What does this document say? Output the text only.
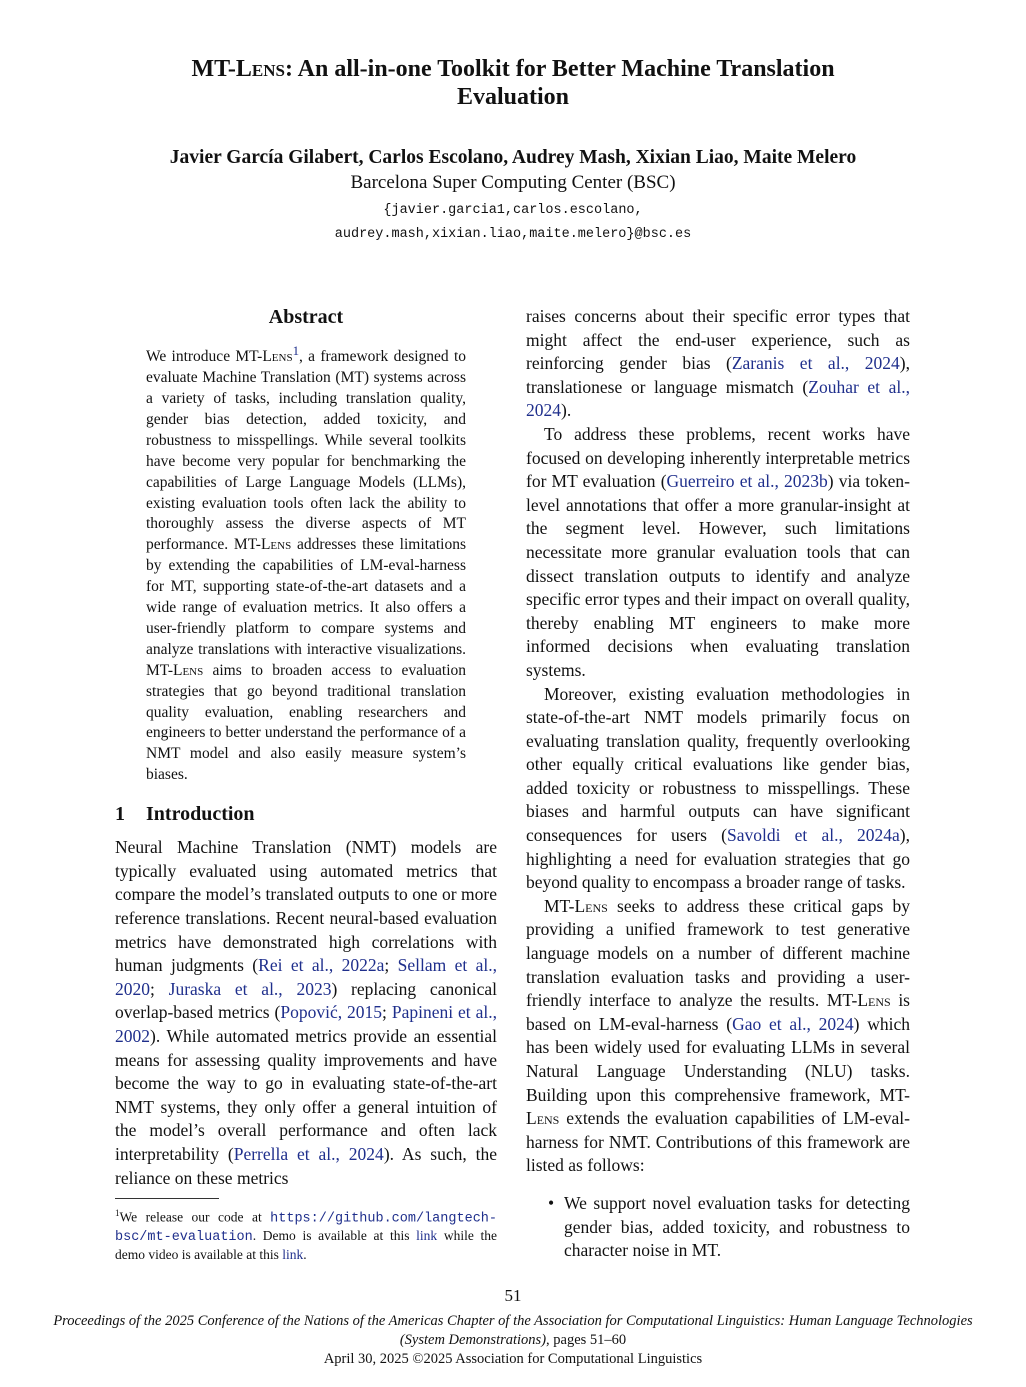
MT-Lens: An all-in-one Toolkit for Better Machine Translation
Evaluation
Javier García Gilabert, Carlos Escolano, Audrey Mash, Xixian Liao, Maite Melero
Barcelona Super Computing Center (BSC)
{javier.garcia1,carlos.escolano,
audrey.mash,xixian.liao,maite.melero}@bsc.es
Abstract

We introduce MT-Lens$^1$, a framework designed to evaluate Machine Translation (MT) systems across a variety of tasks, including translation quality, gender bias detection, added toxicity, and robustness to misspellings. While several toolkits have become very popular for benchmarking the capabilities of Large Language Models (LLMs), existing evaluation tools often lack the ability to thoroughly assess the diverse aspects of MT performance. MT-Lens addresses these limitations by extending the capabilities of LM-eval-harness for MT, supporting state-of-the-art datasets and a wide range of evaluation metrics. It also offers a user-friendly platform to compare systems and analyze translations with interactive visualizations. MT-Lens aims to broaden access to evaluation strategies that go beyond traditional translation quality evaluation, enabling researchers and engineers to better understand the performance of a NMT model and also easily measure system’s biases.

1 Introduction

Neural Machine Translation (NMT) models are typically evaluated using automated metrics that compare the model’s translated outputs to one or more reference translations. Recent neural-based evaluation metrics have demonstrated high correlations with human judgments (Rei et al., 2022a; Sellam et al., 2020; Juraska et al., 2023) replacing canonical overlap-based metrics (Popović, 2015; Papineni et al., 2002). While automated metrics provide an essential means for assessing quality improvements and have become the way to go in evaluating state-of-the-art NMT systems, they only offer a general intuition of the model’s overall performance and often lack interpretability (Perrella et al., 2024). As such, the reliance on these metrics

$^1$We release our code at https://github.com/langtech-bsc/mt-evaluation. Demo is available at this link while the demo video is available at this link.

raises concerns about their specific error types that might affect the end-user experience, such as reinforcing gender bias (Zaranis et al., 2024), translationese or language mismatch (Zouhar et al., 2024).

To address these problems, recent works have focused on developing inherently interpretable metrics for MT evaluation (Guerreiro et al., 2023b) via token-level annotations that offer a more granular-insight at the segment level. However, such limitations necessitate more granular evaluation tools that can dissect translation outputs to identify and analyze specific error types and their impact on overall quality, thereby enabling MT engineers to make more informed decisions when evaluating translation systems.

Moreover, existing evaluation methodologies in state-of-the-art NMT models primarily focus on evaluating translation quality, frequently overlooking other equally critical evaluations like gender bias, added toxicity or robustness to misspellings. These biases and harmful outputs can have significant consequences for users (Savoldi et al., 2024a), highlighting a need for evaluation strategies that go beyond quality to encompass a broader range of tasks.

MT-Lens seeks to address these critical gaps by providing a unified framework to test generative language models on a number of different machine translation evaluation tasks and providing a user-friendly interface to analyze the results. MT-Lens is based on LM-eval-harness (Gao et al., 2024) which has been widely used for evaluating LLMs in several Natural Language Understanding (NLU) tasks. Building upon this comprehensive framework, MT-Lens extends the evaluation capabilities of LM-eval-harness for NMT. Contributions of this framework are listed as follows:

• We support novel evaluation tasks for detecting gender bias, added toxicity, and robustness to character noise in MT.
51
Proceedings of the 2025 Conference of the Nations of the Americas Chapter of the Association for Computational Linguistics: Human Language Technologies
(System Demonstrations), pages 51–60
April 30, 2025 ©2025 Association for Computational Linguistics
